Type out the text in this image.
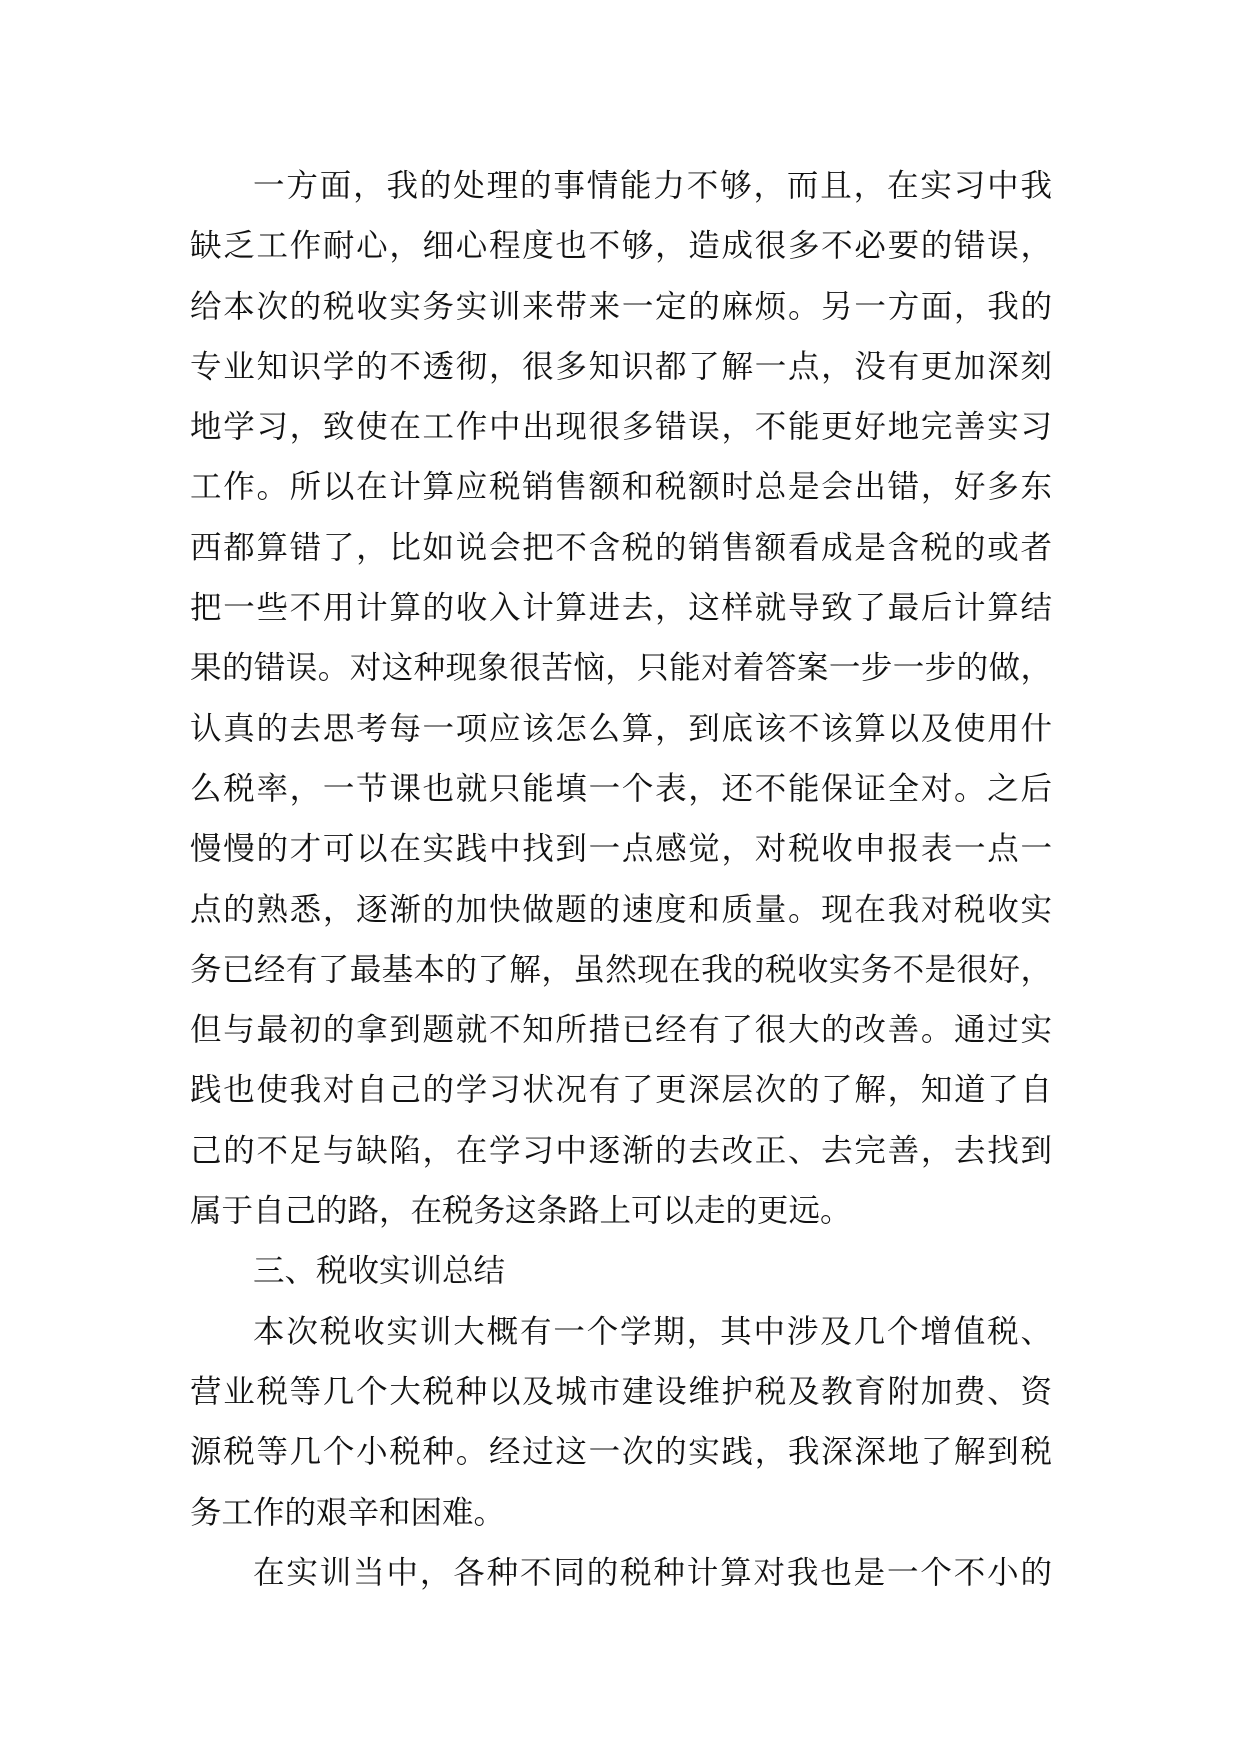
一方面，我的处理的事情能力不够，而且，在实习中我
缺乏工作耐心，细心程度也不够，造成很多不必要的错误，
给本次的税收实务实训来带来一定的麻烦。另一方面，我的
专业知识学的不透彻，很多知识都了解一点，没有更加深刻
地学习，致使在工作中出现很多错误，不能更好地完善实习
工作。所以在计算应税销售额和税额时总是会出错，好多东
西都算错了，比如说会把不含税的销售额看成是含税的或者
把一些不用计算的收入计算进去，这样就导致了最后计算结
果的错误。对这种现象很苦恼，只能对着答案一步一步的做，
认真的去思考每一项应该怎么算，到底该不该算以及使用什
么税率，一节课也就只能填一个表，还不能保证全对。之后
慢慢的才可以在实践中找到一点感觉，对税收申报表一点一
点的熟悉，逐渐的加快做题的速度和质量。现在我对税收实
务已经有了最基本的了解，虽然现在我的税收实务不是很好，
但与最初的拿到题就不知所措已经有了很大的改善。通过实
践也使我对自己的学习状况有了更深层次的了解，知道了自
己的不足与缺陷，在学习中逐渐的去改正、去完善，去找到
属于自己的路，在税务这条路上可以走的更远。
三、税收实训总结
本次税收实训大概有一个学期，其中涉及几个增值税、
营业税等几个大税种以及城市建设维护税及教育附加费、资
源税等几个小税种。经过这一次的实践，我深深地了解到税
务工作的艰辛和困难。
在实训当中，各种不同的税种计算对我也是一个不小的
